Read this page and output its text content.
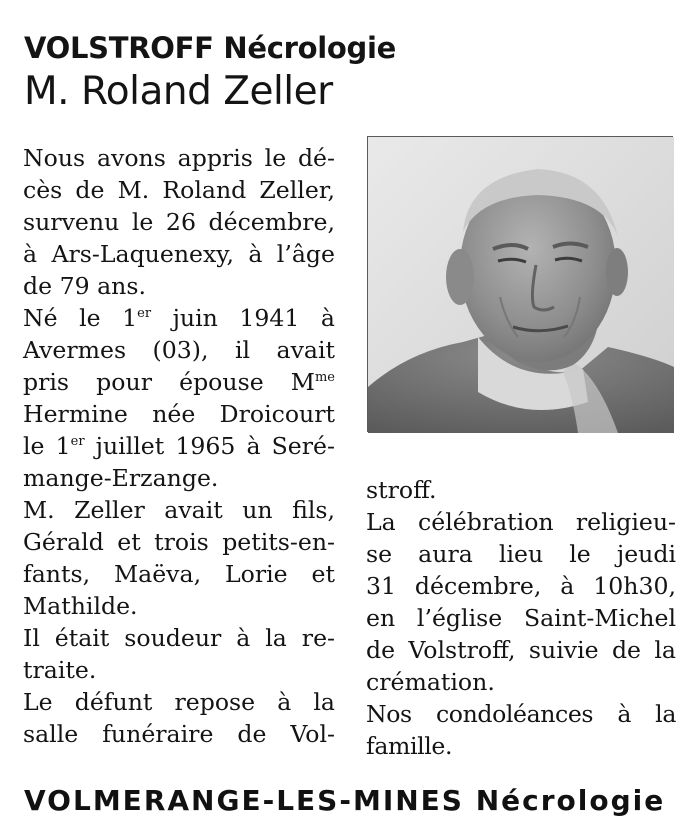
VOLSTROFF Nécrologie
M. Roland Zeller

Nous avons appris le dé-
cès de M. Roland Zeller,
survenu le 26 décembre,
à Ars-Laquenexy, à l’âge
de 79 ans.

Né le 1er juin 1941 à
Avermes (03), il avait
pris pour épouse $M^{me}$
Hermine née Droicourt
le 1er juillet 1965 à Seré-
mange-Erzange.

M. Zeller avait un fils,
Gérald et trois petits-en-
fants, Maëva, Lorie et
Mathilde.

Il était soudeur à la re-
traite.

Le défunt repose à la
salle funéraire de Vol-

stroff.

La célébration religieu-
se aura lieu le jeudi
31 décembre, à 10h30,
en l’église Saint-Michel
de Volstroff, suivie de la
crémation.

Nos condoléances à la
famille.

VOLMERANGE-LES-MINES Nécrologie
